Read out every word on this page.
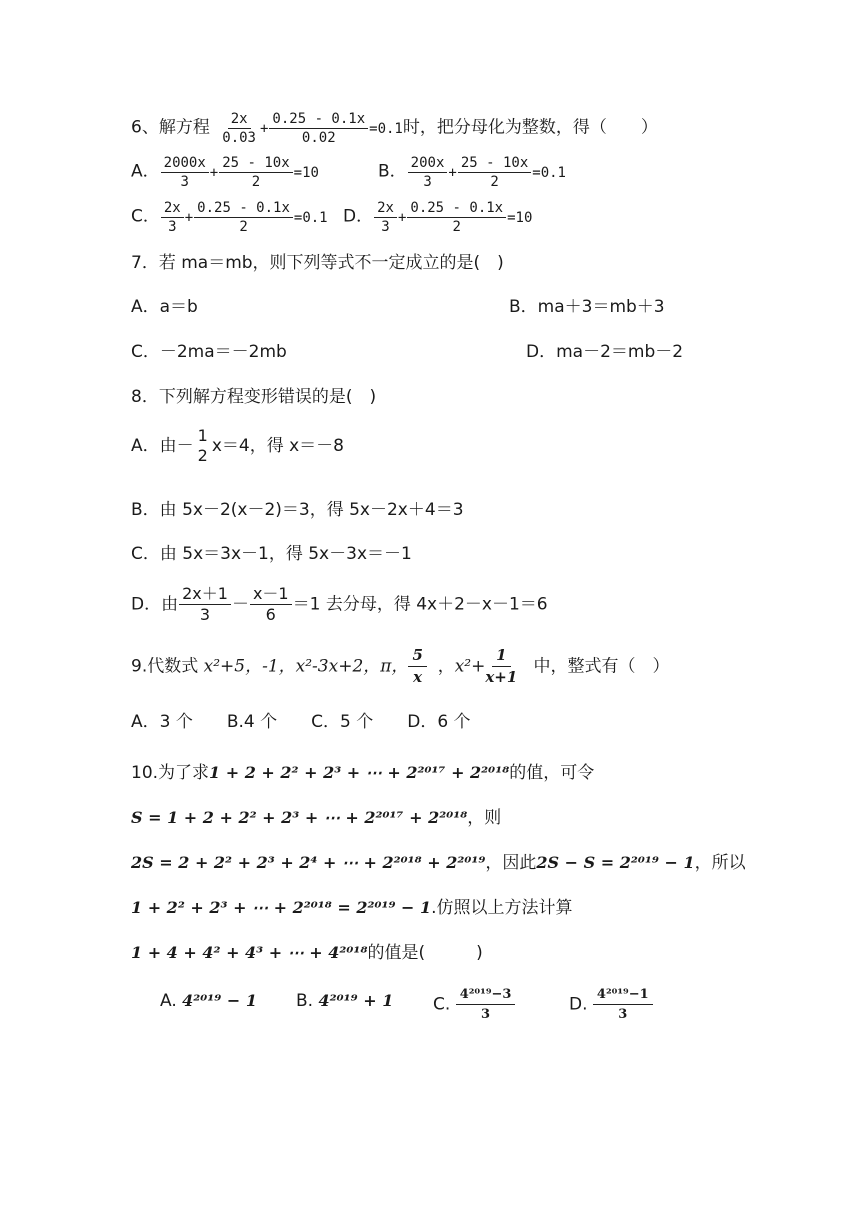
6、解方程 $\frac{2x}{0.03} + \frac{0.25 - 0.1x}{0.02} =0.1$时，把分母化为整数，得（　　）
A． $\frac{2000x}{3} + \frac{25 - 10x}{2} =10$	B． $\frac{200x}{3} + \frac{25 - 10x}{2} =0.1$
C． $\frac{2x}{3} + \frac{0.25 - 0.1x}{2} =0.1$ D． $\frac{2x}{3} + \frac{0.25 - 0.1x}{2} =10$
7．若 ma＝mb，则下列等式不一定成立的是(　)
A．a＝b	B．ma＋3＝mb＋3
C．－2ma＝－2mb	D．ma－2＝mb－2
8．下列解方程变形错误的是(　)
A．由－
1
2 x＝4，得 x＝－8
B．由 5x－2(x－2)＝3，得 5x－2x＋4＝3
C．由 5x＝3x－1，得 5x－3x＝－1
D．由 $\frac{2x+1}{3} - \frac{x-1}{6} =1$ 去分母，得 4x＋2－x－1＝6
9.代数式 x²+5，-1，x²-3x+2，π， $\frac{5}{x}$ ，$x^2+ \frac{1}{x+1}$ 中，整式有（　）
A．3 个　　B.4 个　　C．5 个　　D．6 个
10.为了求1 + 2 + 2² + 2³ + ⋯ + 2²⁰¹⁷ + 2²⁰¹⁸的值，可令
S = 1 + 2 + 2² + 2³ + ⋯ + 2²⁰¹⁷ + 2²⁰¹⁸，则
2S = 2 + 2² + 2³ + 2⁴ + ⋯ + 2²⁰¹⁸ + 2²⁰¹⁹，因此2S − S = 2²⁰¹⁹ − 1，所以
1 + 2² + 2³ + ⋯ + 2²⁰¹⁸ = 2²⁰¹⁹ − 1.仿照以上方法计算
1 + 4 + 4² + 4³ + ⋯ + 4²⁰¹⁸的值是(　　　)
A. 4²⁰¹⁹ − 1 B. 4²⁰¹⁹ + 1 C. $\frac{\text{4²⁰¹⁹−3}}{3}$	D. $\frac{\text{4²⁰¹⁹−1}}{3}$
